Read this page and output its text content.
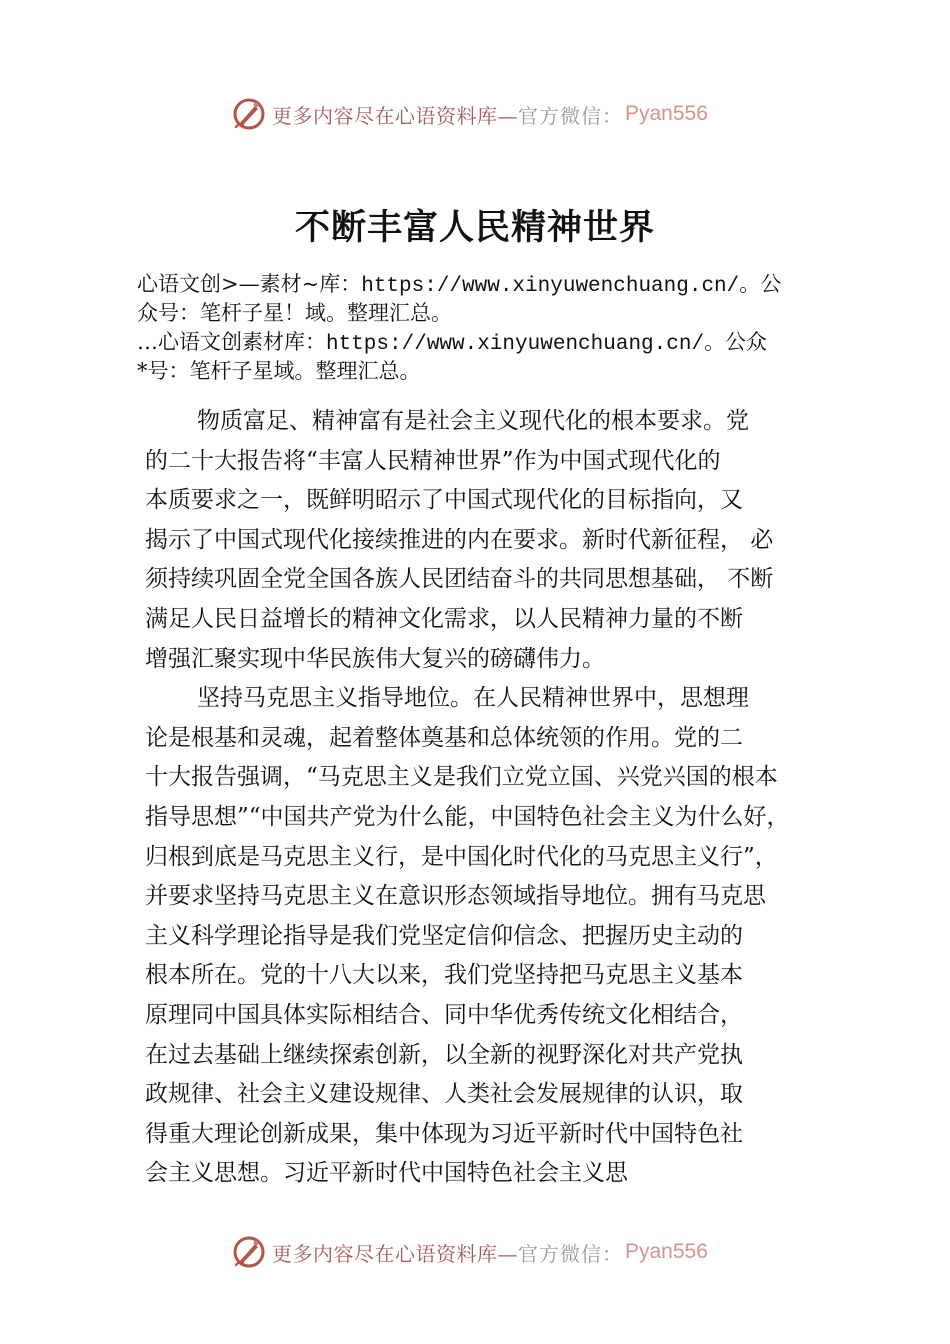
更多内容尽在心语资料库— 官方微信： Pyan556
不断丰富人民精神世界
心语文创>—素材~库：https://www.xinyuwenchuang.cn/。公
众号：笔杆子星！域。整理汇总。
…心语文创素材库：https://www.xinyuwenchuang.cn/。公众
*号：笔杆子星域。整理汇总。
物质富足、精神富有是社会主义现代化的根本要求。党
的二十大报告将“丰富人民精神世界”作为中国式现代化的
本质要求之一，既鲜明昭示了中国式现代化的目标指向，又
揭示了中国式现代化接续推进的内在要求。新时代新征程， 必
须持续巩固全党全国各族人民团结奋斗的共同思想基础， 不断
满足人民日益增长的精神文化需求，以人民精神力量的不断
增强汇聚实现中华民族伟大复兴的磅礴伟力。
坚持马克思主义指导地位。在人民精神世界中，思想理
论是根基和灵魂，起着整体奠基和总体统领的作用。党的二
十大报告强调，“马克思主义是我们立党立国、兴党兴国的根本
指导思想”“中国共产党为什么能，中国特色社会主义为什么好，
归根到底是马克思主义行，是中国化时代化的马克思主义行”，
并要求坚持马克思主义在意识形态领域指导地位。拥有马克思
主义科学理论指导是我们党坚定信仰信念、把握历史主动的
根本所在。党的十八大以来，我们党坚持把马克思主义基本
原理同中国具体实际相结合、同中华优秀传统文化相结合，
在过去基础上继续探索创新，以全新的视野深化对共产党执
政规律、社会主义建设规律、人类社会发展规律的认识，取
得重大理论创新成果，集中体现为习近平新时代中国特色社
会主义思想。习近平新时代中国特色社会主义思
更多内容尽在心语资料库— 官方微信： Pyan556
